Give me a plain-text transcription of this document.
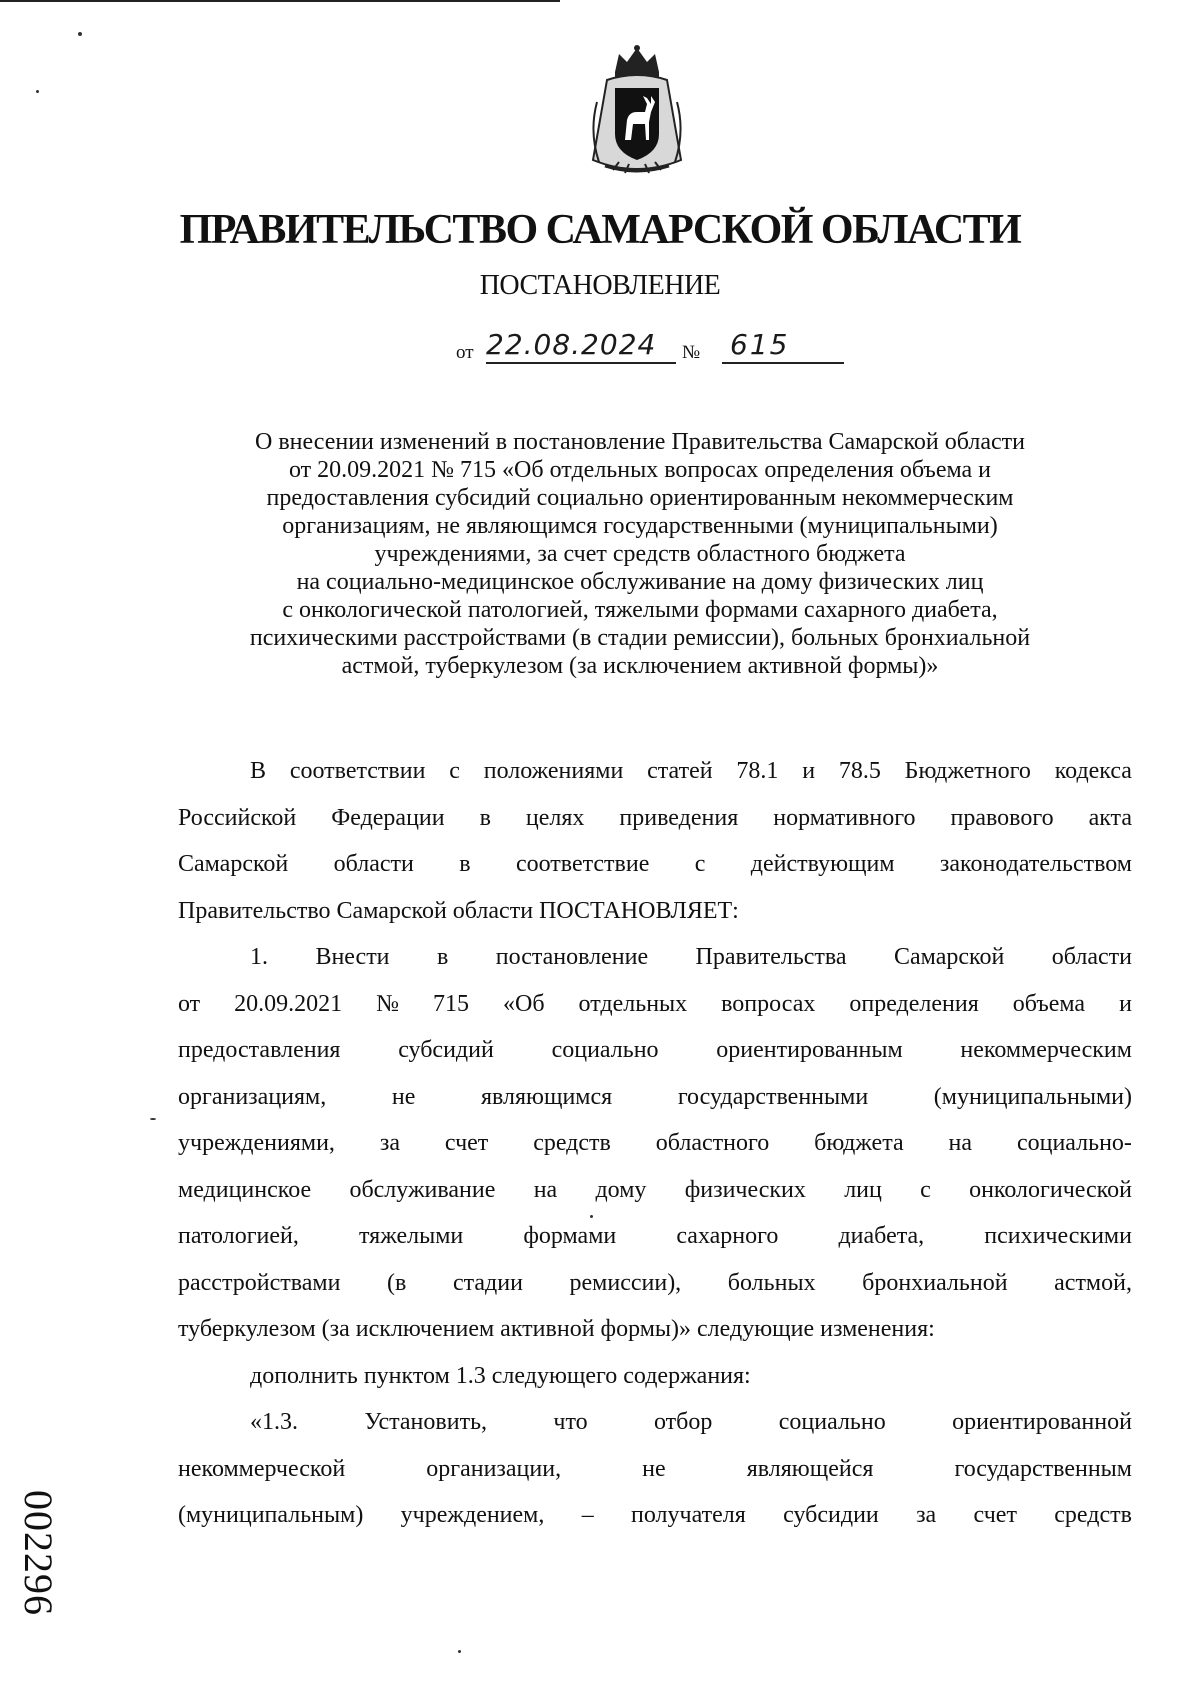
ПРАВИТЕЛЬСТВО САМАРСКОЙ ОБЛАСТИ
ПОСТАНОВЛЕНИЕ
от 22.08.2024	№ 615
О внесении изменений в постановление Правительства Самарской области
от 20.09.2021 № 715 «Об отдельных вопросах определения объема и
предоставления субсидий социально ориентированным некоммерческим
организациям, не являющимся государственными (муниципальными)
учреждениями, за счет средств областного бюджета
на социально-медицинское обслуживание на дому физических лиц
с онкологической патологией, тяжелыми формами сахарного диабета,
психическими расстройствами (в стадии ремиссии), больных бронхиальной
астмой, туберкулезом (за исключением активной формы)»
В соответствии с положениями статей 78.1 и 78.5 Бюджетного кодекса
Российской Федерации в целях приведения нормативного правового акта
Самарской области в соответствие с действующим законодательством
Правительство Самарской области ПОСТАНОВЛЯЕТ:
1. Внести в постановление Правительства Самарской области
от 20.09.2021 № 715 «Об отдельных вопросах определения объема и
предоставления субсидий социально ориентированным некоммерческим
организациям,	не	являющимся	государственными	(муниципальными)
учреждениями, за счет средств областного бюджета на социально-
медицинское обслуживание на дому физических лиц с онкологической
патологией,	тяжелыми	формами	сахарного	диабета,	психическими
расстройствами (в стадии ремиссии), больных бронхиальной астмой,
туберкулезом (за исключением активной формы)» следующие изменения:
дополнить пунктом 1.3 следующего содержания:
«1.3.	Установить,	что	отбор	социально	ориентированной
некоммерческой	организации,	не	являющейся	государственным
(муниципальным) учреждением, – получателя субсидии за счет средств
002296
